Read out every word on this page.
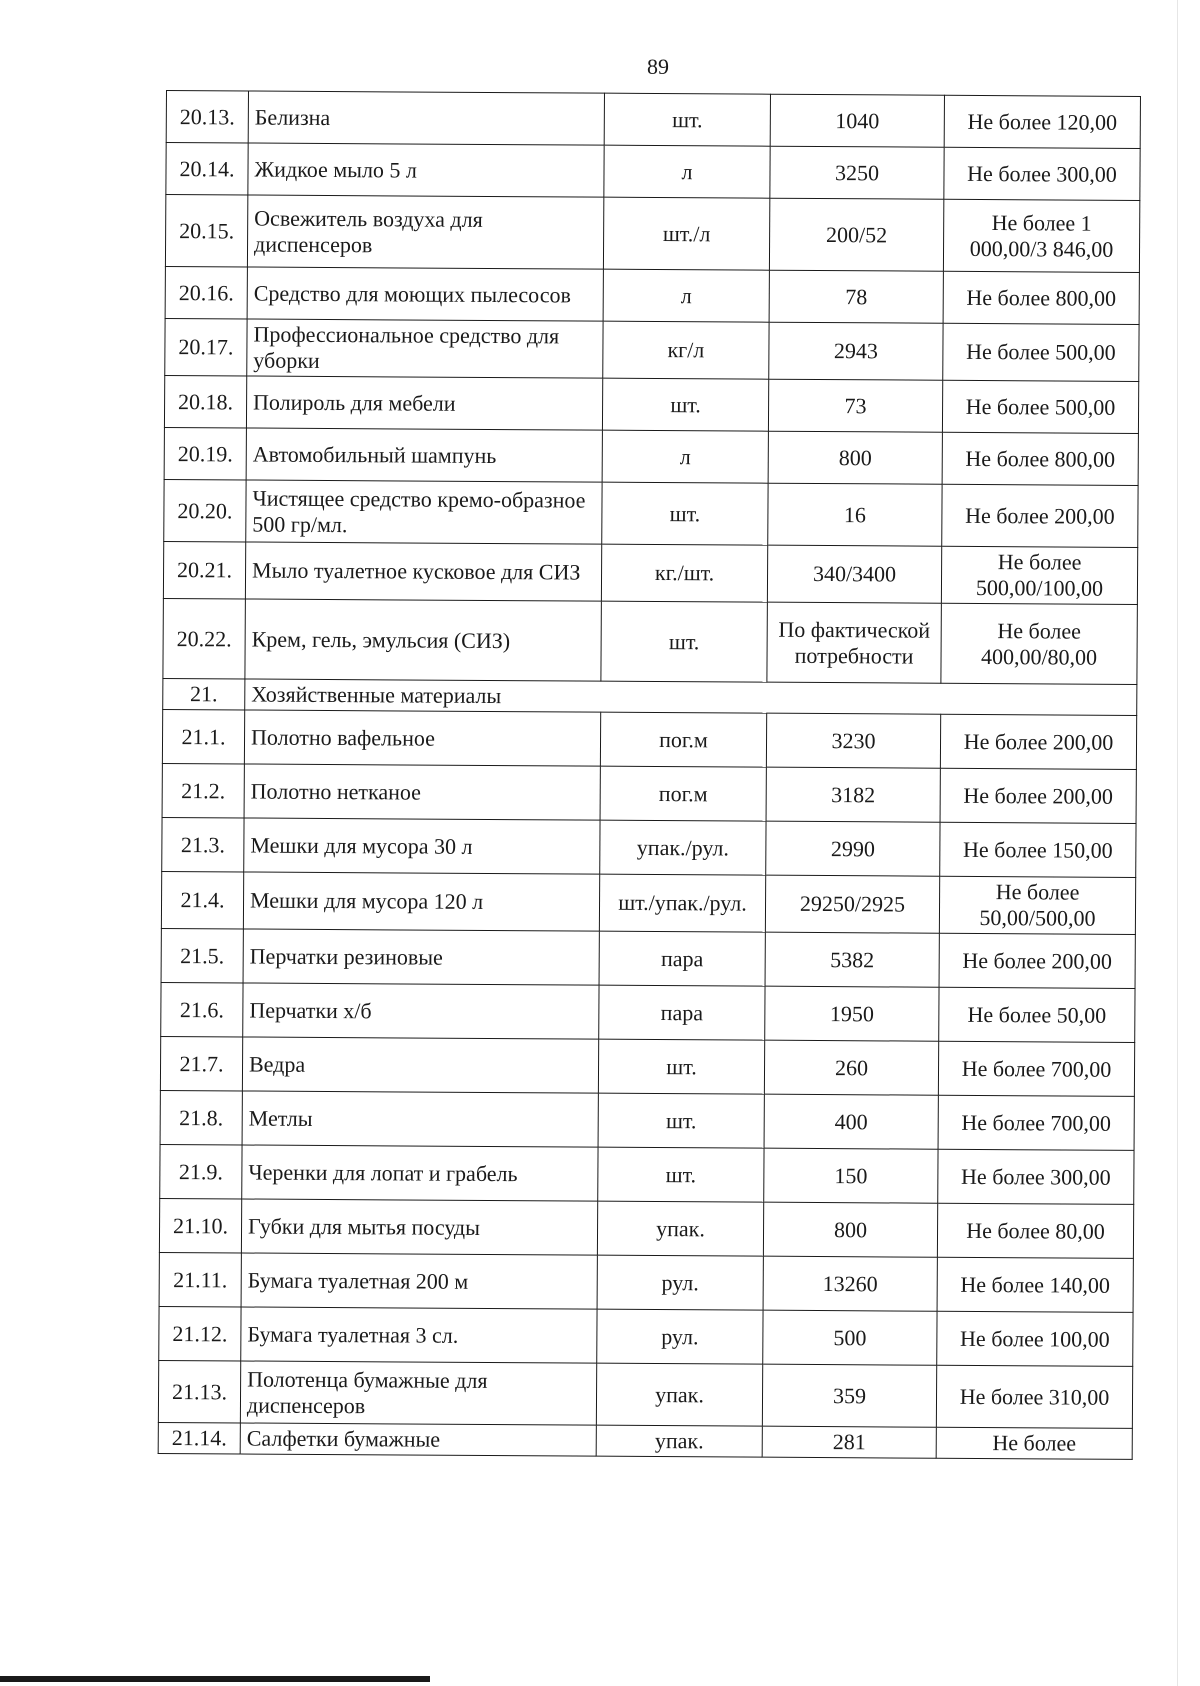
89
20.13.	Белизна	шт.	1040	Не более 120,00
20.14.	Жидкое мыло 5 л	л	3250	Не более 300,00
20.15.	Освежитель воздуха для диспенсеров	шт./л	200/52	Не более 1 000,00/3 846,00
20.16.	Средство для моющих пылесосов	л	78	Не более 800,00
20.17.	Профессиональное средство для уборки	кг/л	2943	Не более 500,00
20.18.	Полироль для мебели	шт.	73	Не более 500,00
20.19.	Автомобильный шампунь	л	800	Не более 800,00
20.20.	Чистящее средство кремо-образное 500 гр/мл.	шт.	16	Не более 200,00
20.21.	Мыло туалетное кусковое для СИЗ	кг./шт.	340/3400	Не более 500,00/100,00
20.22.	Крем, гель, эмульсия (СИЗ)	шт.	По фактической потребности	Не более 400,00/80,00
21.	Хозяйственные материалы			
21.1.	Полотно вафельное	пог.м	3230	Не более 200,00
21.2.	Полотно нетканое	пог.м	3182	Не более 200,00
21.3.	Мешки для мусора 30 л	упак./рул.	2990	Не более 150,00
21.4.	Мешки для мусора 120 л	шт./упак./рул.	29250/2925	Не более 50,00/500,00
21.5.	Перчатки резиновые	пара	5382	Не более 200,00
21.6.	Перчатки х/б	пара	1950	Не более 50,00
21.7.	Ведра	шт.	260	Не более 700,00
21.8.	Метлы	шт.	400	Не более 700,00
21.9.	Черенки для лопат и грабель	шт.	150	Не более 300,00
21.10.	Губки для мытья посуды	упак.	800	Не более 80,00
21.11.	Бумага туалетная 200 м	рул.	13260	Не более 140,00
21.12.	Бумага туалетная 3 сл.	рул.	500	Не более 100,00
21.13.	Полотенца бумажные для диспенсеров	упак.	359	Не более 310,00
21.14.	Салфетки бумажные	упак.	281	Не более
